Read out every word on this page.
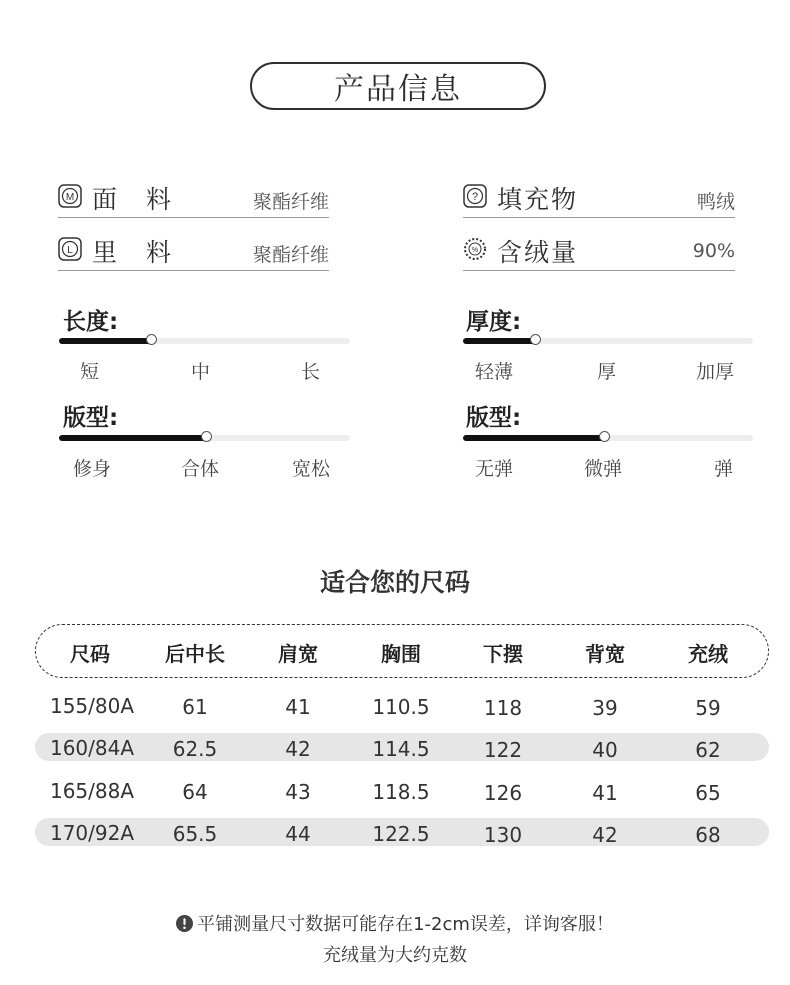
产品信息
M 面　料	聚酯纤维
L 里　料	聚酯纤维
? 填充物	鸭绒
% 含绒量	90%
长度:
短	中	长
厚度:
轻薄	厚	加厚
版型:
修身	合体	宽松
版型:
无弹	微弹	弹
适合您的尺码
尺码	后中长	肩宽	胸围	下摆	背宽	充绒
155/80A	61	41	110.5	118	39	59
160/84A	62.5	42	114.5	122	40	62
165/88A	64	43	118.5	126	41	65
170/92A	65.5	44	122.5	130	42	68
平铺测量尺寸数据可能存在1-2cm误差，详询客服！
充绒量为大约克数
